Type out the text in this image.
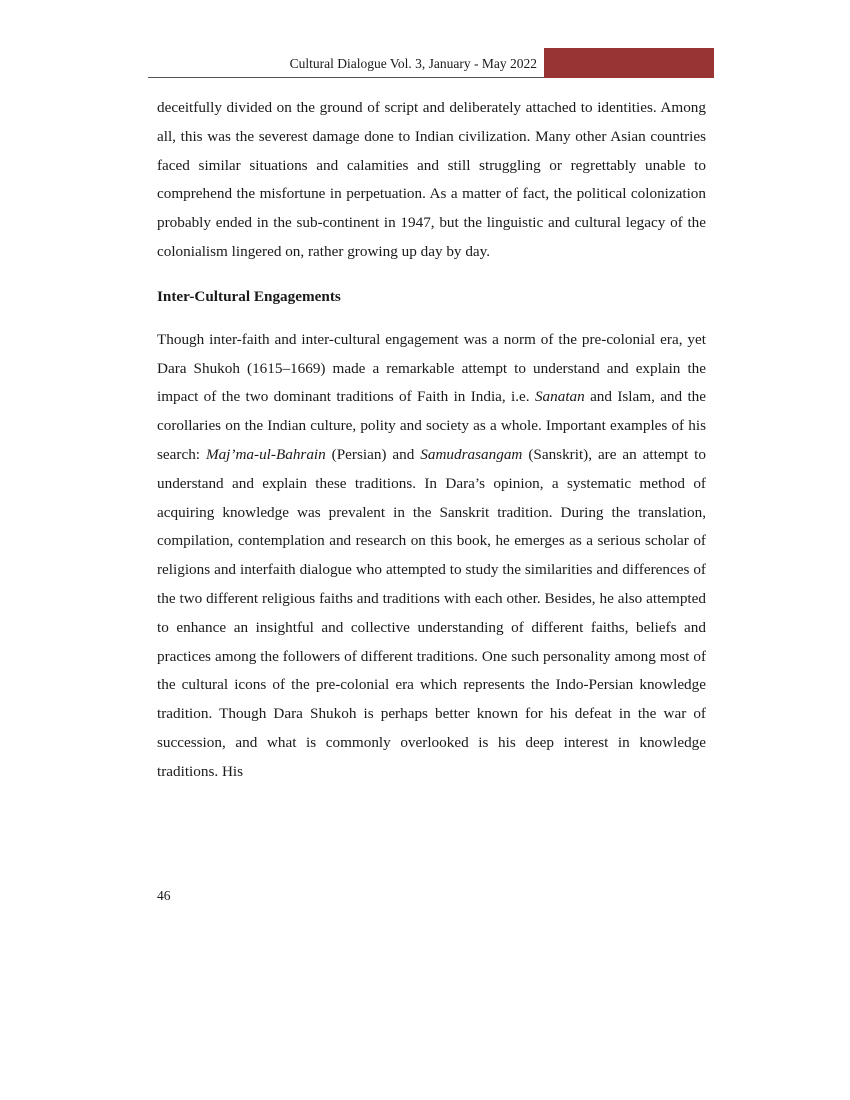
Cultural Dialogue Vol. 3, January - May 2022

deceitfully divided on the ground of script and deliberately attached to identities. Among all, this was the severest damage done to Indian civilization. Many other Asian countries faced similar situations and calamities and still struggling or regrettably unable to comprehend the misfortune in perpetuation. As a matter of fact, the political colonization probably ended in the sub-continent in 1947, but the linguistic and cultural legacy of the colonialism lingered on, rather growing up day by day.

Inter-Cultural Engagements

Though inter-faith and inter-cultural engagement was a norm of the pre-colonial era, yet Dara Shukoh (1615–1669) made a remarkable attempt to understand and explain the impact of the two dominant traditions of Faith in India, i.e. Sanatan and Islam, and the corollaries on the Indian culture, polity and society as a whole. Important examples of his search: Maj’ma-ul-Bahrain (Persian) and Samudrasangam (Sanskrit), are an attempt to understand and explain these traditions. In Dara’s opinion, a systematic method of acquiring knowledge was prevalent in the Sanskrit tradition. During the translation, compilation, contemplation and research on this book, he emerges as a serious scholar of religions and interfaith dialogue who attempted to study the similarities and differences of the two different religious faiths and traditions with each other. Besides, he also attempted to enhance an insightful and collective understanding of different faiths, beliefs and practices among the followers of different traditions. One such personality among most of the cultural icons of the pre-colonial era which represents the Indo-Persian knowledge tradition. Though Dara Shukoh is perhaps better known for his defeat in the war of succession, and what is commonly overlooked is his deep interest in knowledge traditions. His

46
